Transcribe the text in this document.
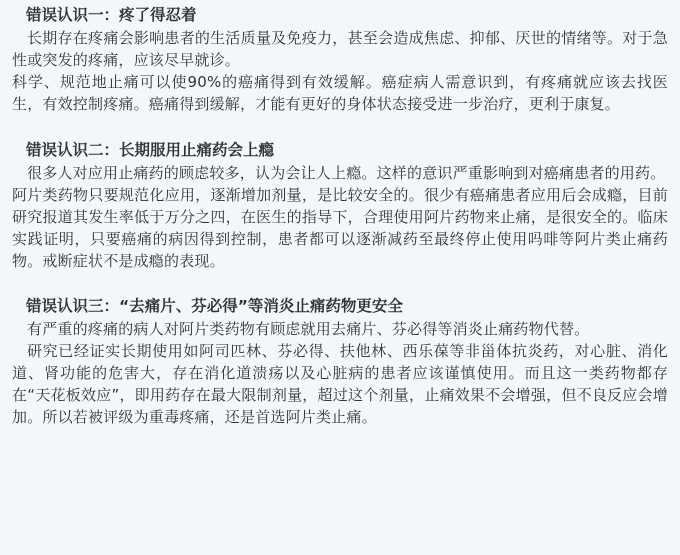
错误认识一：疼了得忍着

长期存在疼痛会影响患者的生活质量及免疫力，甚至会造成焦虑、抑郁、厌世的情绪等。对于急性或突发的疼痛，应该尽早就诊。

科学、规范地止痛可以使90%的癌痛得到有效缓解。癌症病人需意识到，有疼痛就应该去找医生，有效控制疼痛。癌痛得到缓解，才能有更好的身体状态接受进一步治疗，更利于康复。

错误认识二：长期服用止痛药会上瘾

很多人对应用止痛药的顾虑较多，认为会让人上瘾。这样的意识严重影响到对癌痛患者的用药。

阿片类药物只要规范化应用，逐渐增加剂量，是比较安全的。很少有癌痛患者应用后会成瘾，目前研究报道其发生率低于万分之四，在医生的指导下，合理使用阿片药物来止痛，是很安全的。临床实践证明，只要癌痛的病因得到控制，患者都可以逐渐减药至最终停止使用吗啡等阿片类止痛药物。戒断症状不是成瘾的表现。

错误认识三：“去痛片、芬必得”等消炎止痛药物更安全

有严重的疼痛的病人对阿片类药物有顾虑就用去痛片、芬必得等消炎止痛药物代替。

研究已经证实长期使用如阿司匹林、芬必得、扶他林、西乐葆等非甾体抗炎药，对心脏、消化道、肾功能的危害大，存在消化道溃疡以及心脏病的患者应该谨慎使用。而且这一类药物都存在“天花板效应”，即用药存在最大限制剂量，超过这个剂量，止痛效果不会增强，但不良反应会增加。所以若被评级为重毒疼痛，还是首选阿片类止痛。
